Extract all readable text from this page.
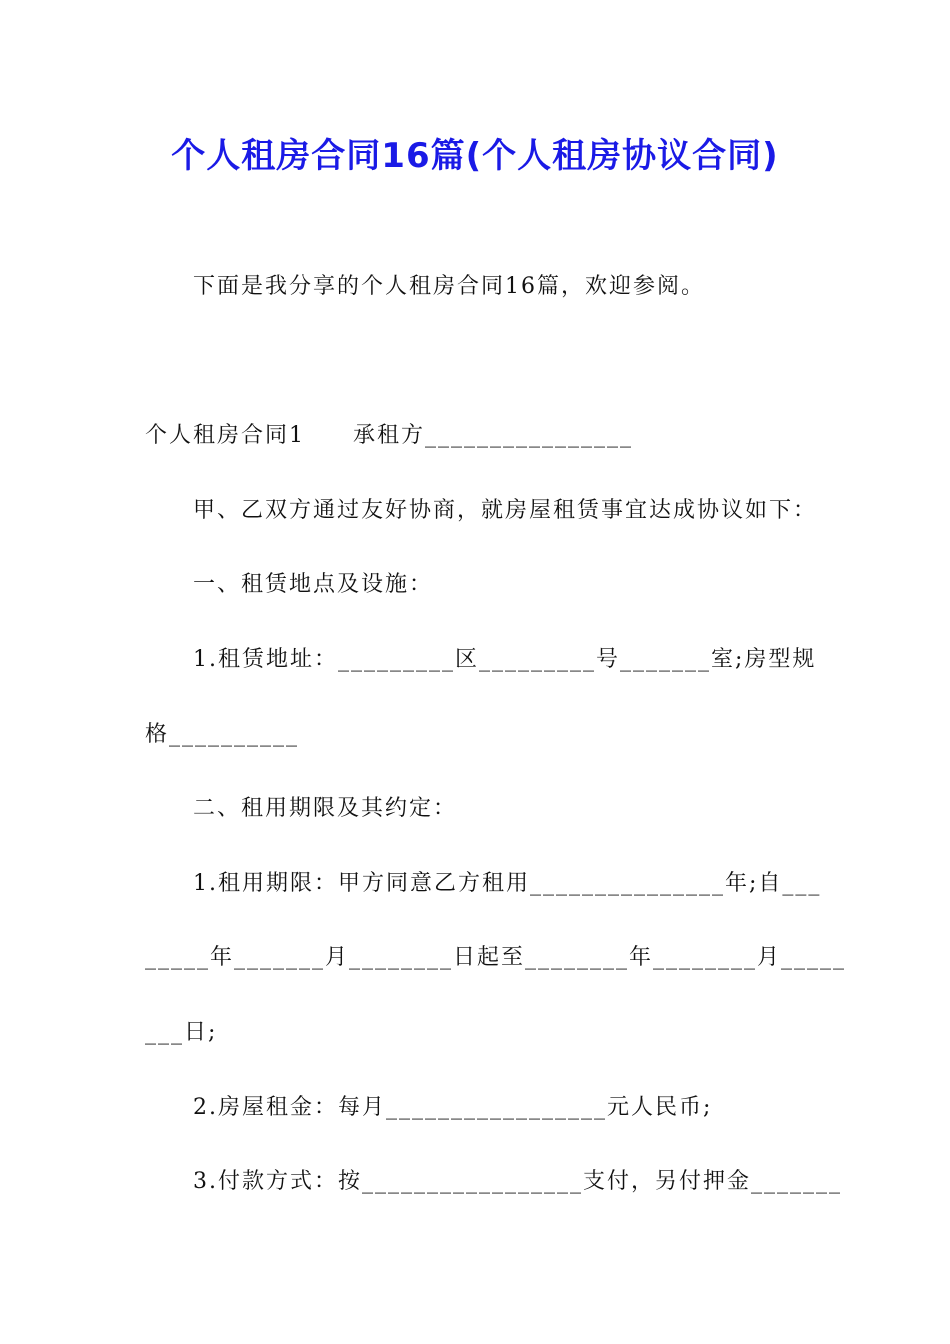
个人租房合同16篇(个人租房协议合同)
下面是我分享的个人租房合同16篇，欢迎参阅。
个人租房合同1　　承租方________________
甲、乙双方通过友好协商，就房屋租赁事宜达成协议如下：
一、租赁地点及设施：
1.租赁地址：_________区_________号_______室;房型规
格__________
二、租用期限及其约定：
1.租用期限：甲方同意乙方租用_______________年;自___
_____年_______月________日起至________年________月_____
___日;
2.房屋租金：每月_________________元人民币;
3.付款方式：按_________________支付，另付押金_______
